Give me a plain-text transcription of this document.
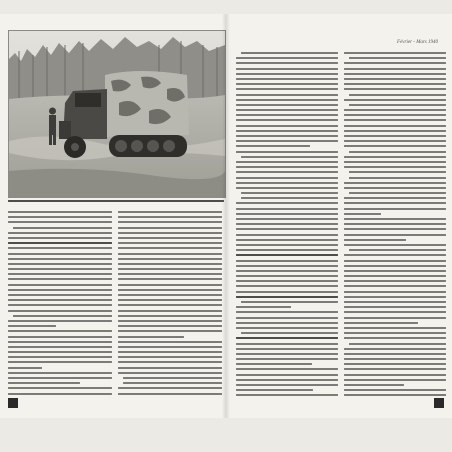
Février - Mars 1940
